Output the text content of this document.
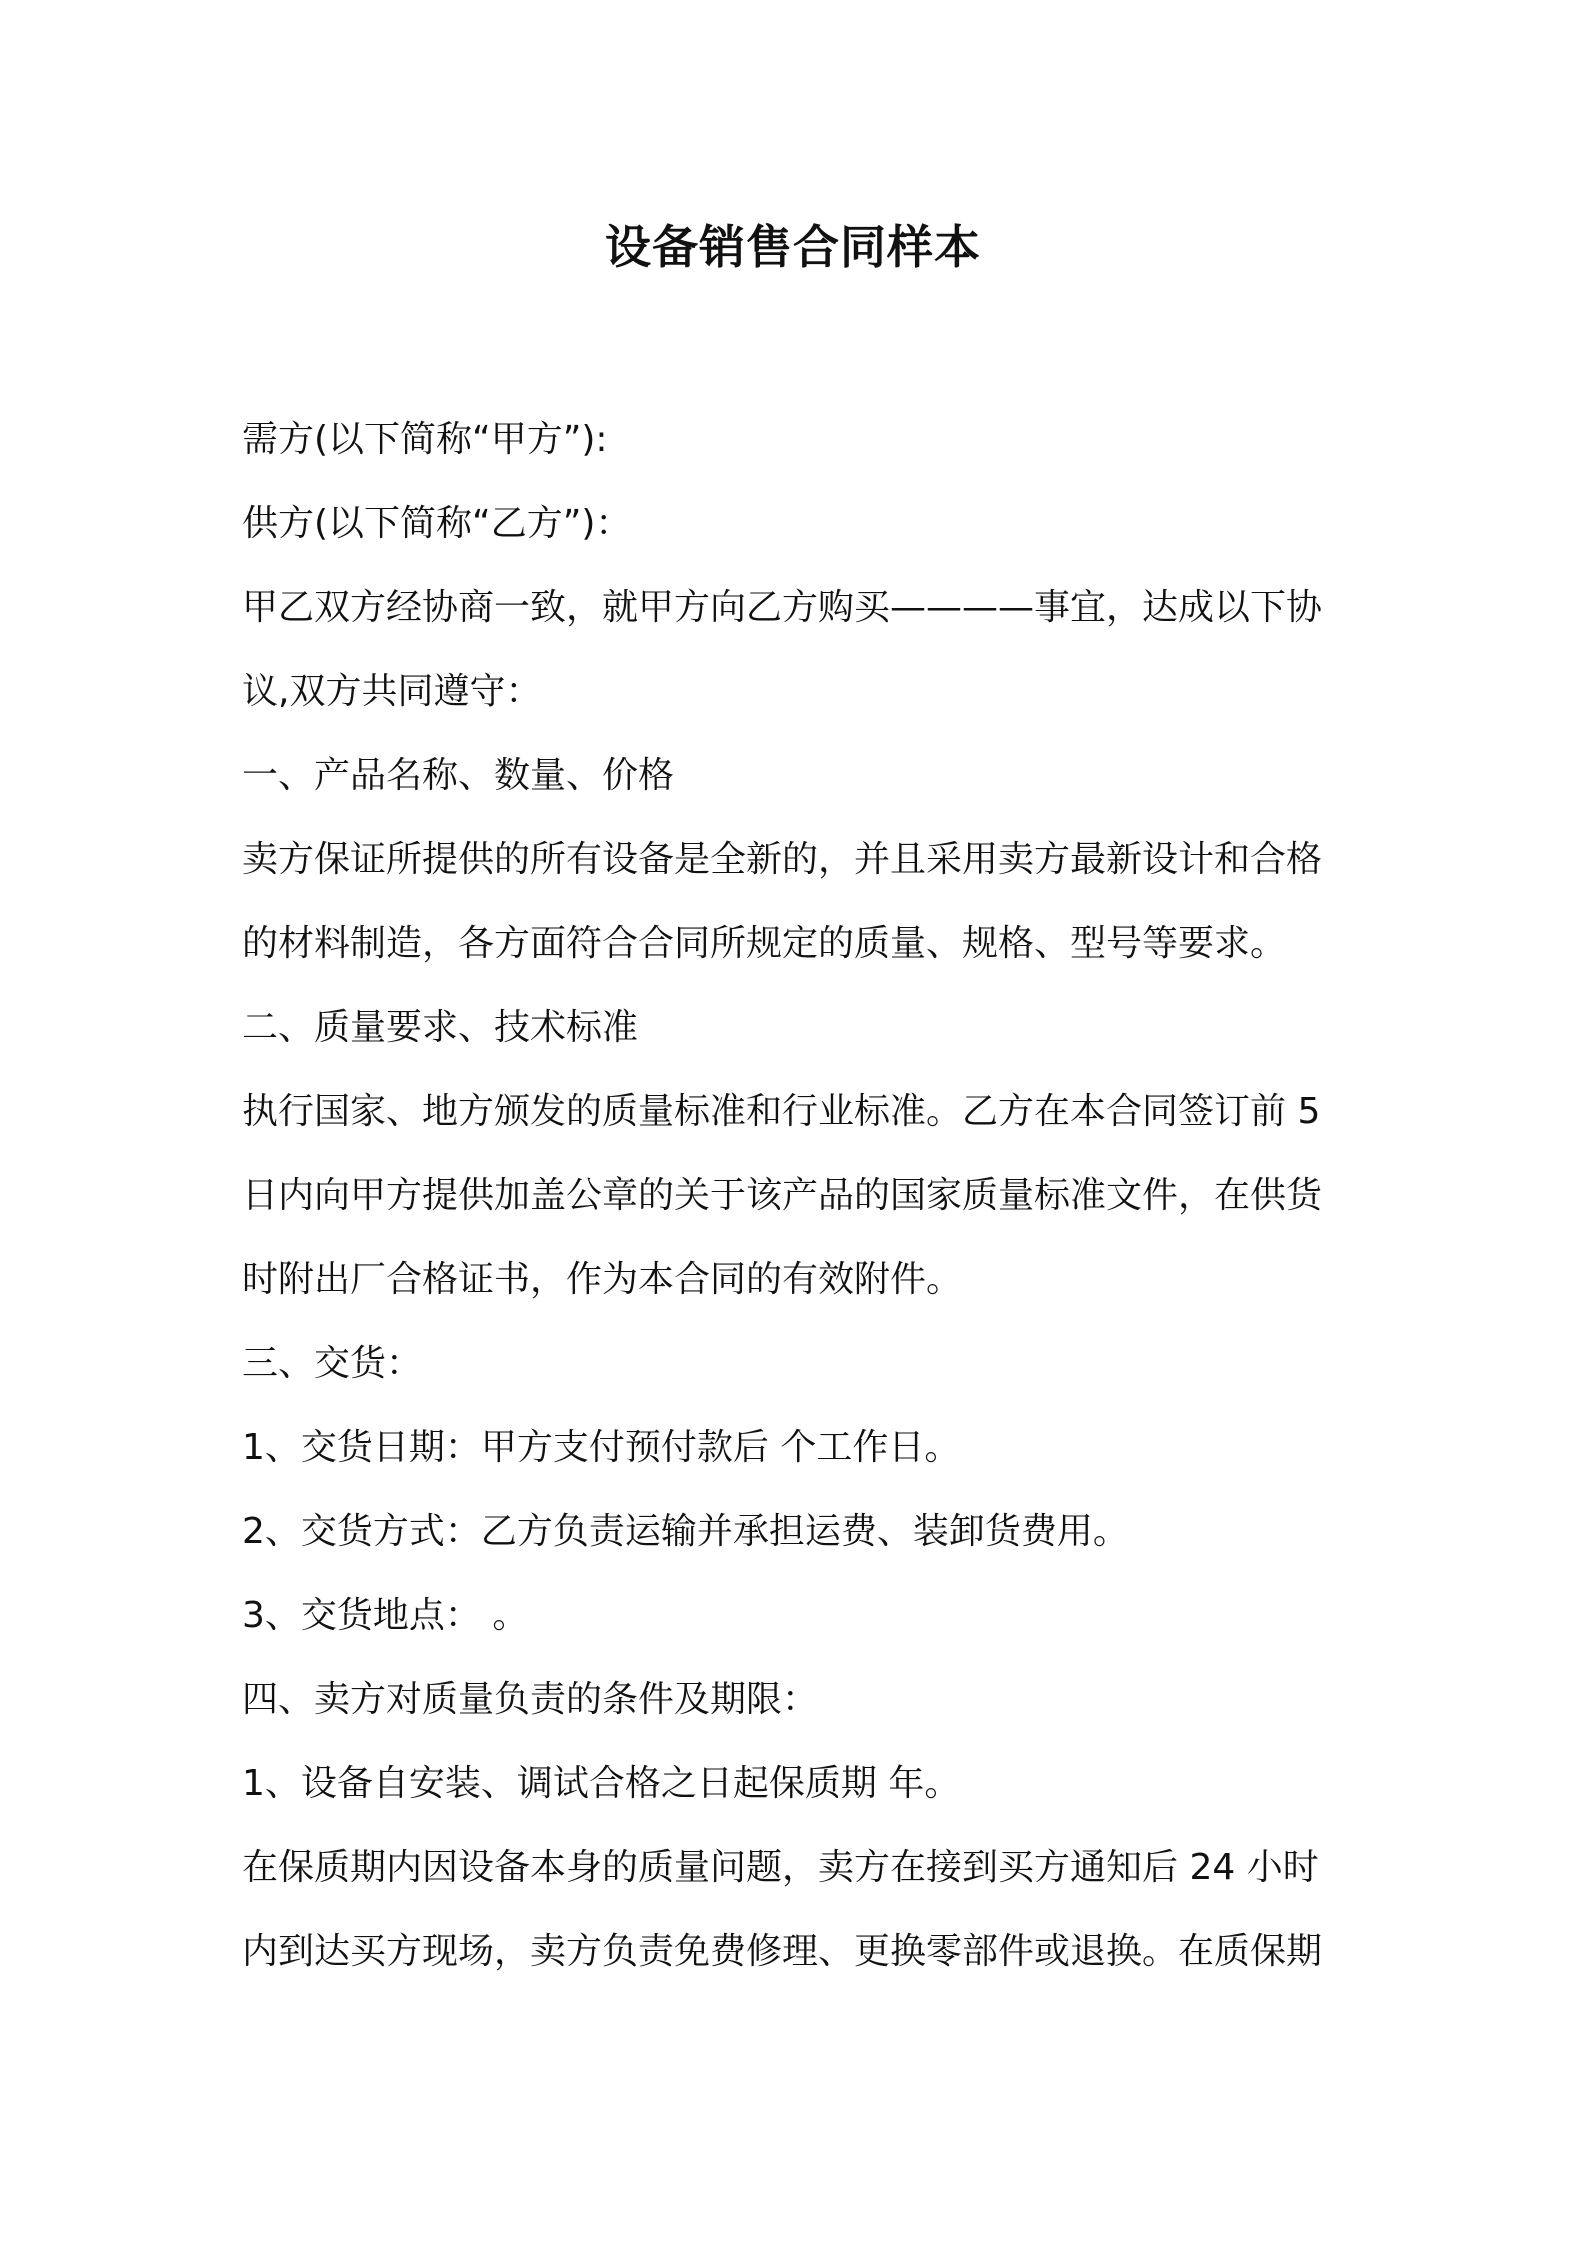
设备销售合同样本
需方(以下简称“甲方”):
供方(以下简称“乙方”)：
甲乙双方经协商一致，就甲方向乙方购买————事宜，达成以下协
议,双方共同遵守：
一、产品名称、数量、价格
卖方保证所提供的所有设备是全新的，并且采用卖方最新设计和合格
的材料制造，各方面符合合同所规定的质量、规格、型号等要求。
二、质量要求、技术标准
执行国家、地方颁发的质量标准和行业标准。乙方在本合同签订前 5
日内向甲方提供加盖公章的关于该产品的国家质量标准文件，在供货
时附出厂合格证书，作为本合同的有效附件。
三、交货：
1、交货日期：甲方支付预付款后 个工作日。
2、交货方式：乙方负责运输并承担运费、装卸货费用。
3、交货地点： 。
四、卖方对质量负责的条件及期限：
1、设备自安装、调试合格之日起保质期 年。
在保质期内因设备本身的质量问题，卖方在接到买方通知后 24 小时
内到达买方现场，卖方负责免费修理、更换零部件或退换。在质保期
